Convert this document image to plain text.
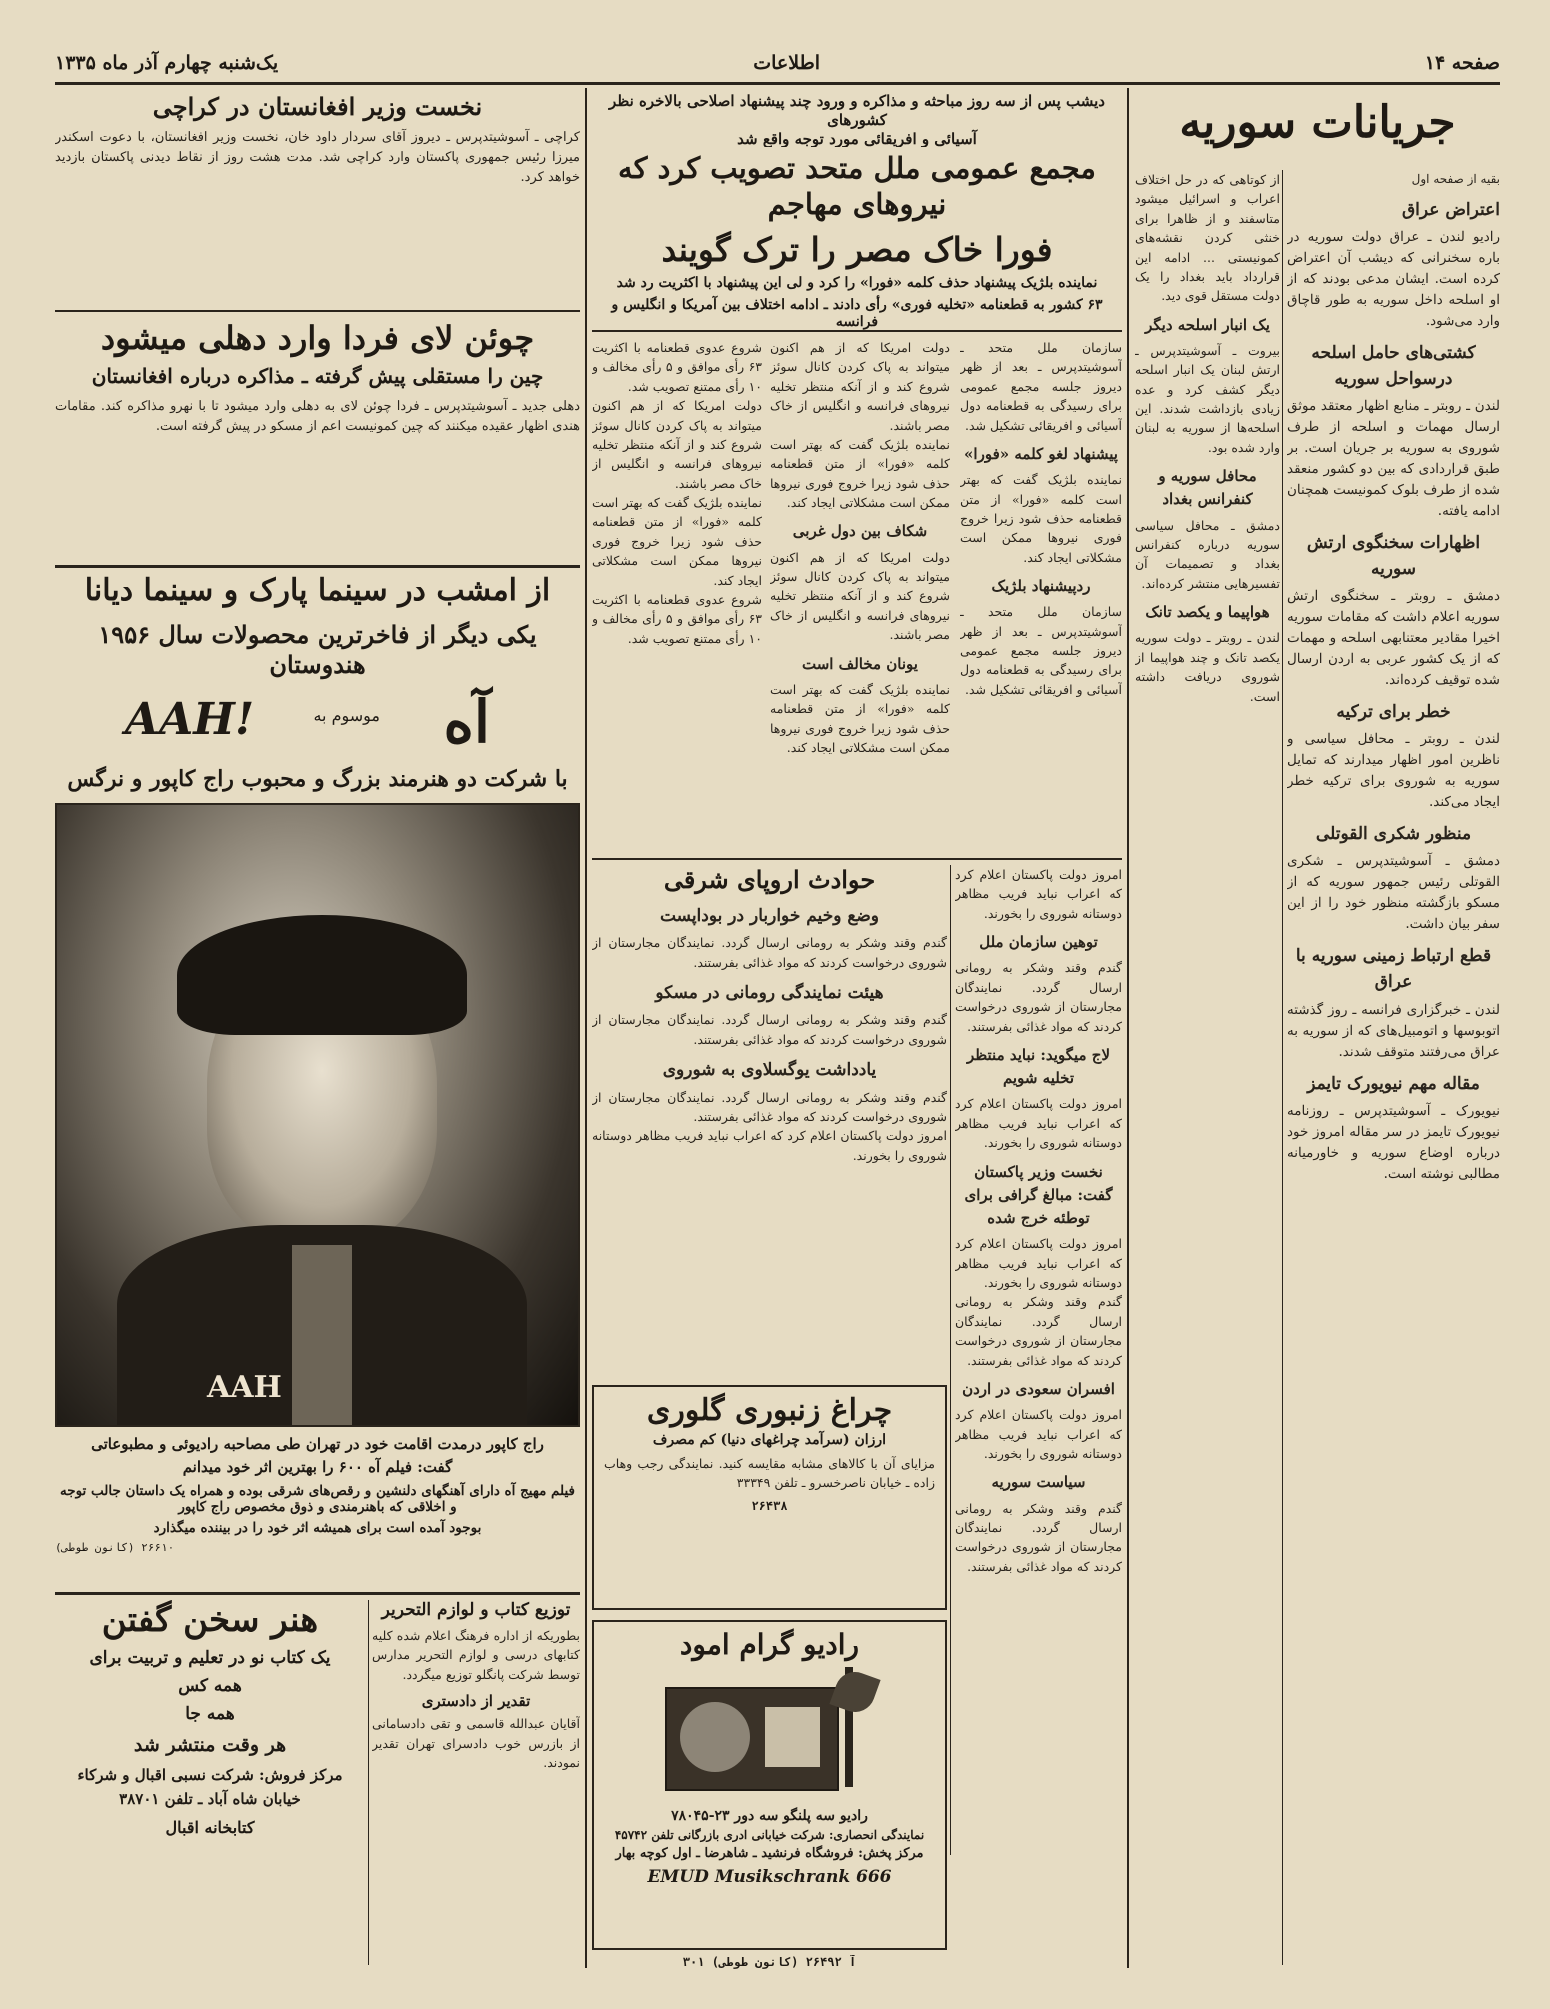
صفحه ۱۴
اطلاعات
یک‌شنبه چهارم آذر ماه ۱۳۳۵
جریانات سوریه
بقیه از صفحه اول
اعتراض عراق
رادیو لندن ـ عراق دولت سوریه در باره سخنرانی که دیشب آن اعتراض کرده است. ایشان مدعی بودند که از او اسلحه داخل سوریه به طور قاچاق وارد می‌شود.
کشتی‌های حامل اسلحه درسواحل سوریه
لندن ـ روبتر ـ منابع اظهار معتقد موثق ارسال مهمات و اسلحه از طرف شوروی به سوریه بر جریان است. بر طبق قراردادی که بین دو کشور منعقد شده از طرف بلوک کمونیست همچنان ادامه یافته.
اظهارات سخنگوی ارتش سوریه
دمشق ـ روبتر ـ سخنگوی ارتش سوریه اعلام داشت که مقامات سوریه اخیرا مقادیر معتنابهی اسلحه و مهمات که از یک کشور عربی به اردن ارسال شده توقیف کرده‌اند.
خطر برای ترکیه
لندن ـ روبتر ـ محافل سیاسی و ناظرین امور اظهار میدارند که تمایل سوریه به شوروی برای ترکیه خطر ایجاد می‌کند.
منظور شکری القوتلی
دمشق ـ آسوشیتدپرس ـ شکری القوتلی رئیس جمهور سوریه که از مسکو بازگشته منظور خود را از این سفر بیان داشت.
قطع ارتباط زمینی سوریه با عراق
لندن ـ خبرگزاری فرانسه ـ روز گذشته اتوبوسها و اتومبیل‌های که از سوریه به عراق می‌رفتند متوقف شدند.
مقاله مهم نیویورک تایمز
نیویورک ـ آسوشیتدپرس ـ روزنامه نیویورک تایمز در سر مقاله امروز خود درباره اوضاع سوریه و خاورمیانه مطالبی نوشته است.
از کوتاهی که در حل اختلاف اعراب و اسرائیل میشود متاسفند و از ظاهرا برای خنثی کردن نقشه‌های کمونیستی ... ادامه این قرارداد باید بغداد را یک دولت مستقل قوی دید.
یک انبار اسلحه دیگر
بیروت ـ آسوشیتدپرس ـ ارتش لبنان یک انبار اسلحه دیگر کشف کرد و عده زیادی بازداشت شدند. این اسلحه‌ها از سوریه به لبنان وارد شده بود.
محافل سوریه و کنفرانس بغداد
دمشق ـ محافل سیاسی سوریه درباره کنفرانس بغداد و تصمیمات آن تفسیرهایی منتشر کرده‌اند.
هواپیما و یکصد تانک
لندن ـ روبتر ـ دولت سوریه یکصد تانک و چند هواپیما از شوروی دریافت داشته است.
دیشب پس از سه روز مباحثه و مذاکره و ورود چند پیشنهاد اصلاحی بالاخره نظر کشورهای
آسیائی و افریقائی مورد توجه واقع شد
مجمع عمومی ملل متحد تصویب کرد که نیروهای مهاجم
فورا خاک مصر را ترک گویند
نماینده بلژیک پیشنهاد حذف کلمه «فورا» را کرد و لی این پیشنهاد با اکثریت رد شد
۶۳ کشور به قطعنامه «تخلیه فوری» رأی دادند ـ ادامه اختلاف بین آمریکا و انگلیس و فرانسه
سازمان ملل متحد ـ آسوشیتدپرس ـ بعد از ظهر دیروز جلسه مجمع عمومی برای رسیدگی به قطعنامه دول آسیائی و افریقائی تشکیل شد.
پیشنهاد لغو کلمه «فورا»
نماینده بلژیک گفت که بهتر است کلمه «فورا» از متن قطعنامه حذف شود زیرا خروج فوری نیروها ممکن است مشکلاتی ایجاد کند.
ردپیشنهاد بلژیک
سازمان ملل متحد ـ آسوشیتدپرس ـ بعد از ظهر دیروز جلسه مجمع عمومی برای رسیدگی به قطعنامه دول آسیائی و افریقائی تشکیل شد.
دولت امریکا که از هم اکنون میتواند به پاک کردن کانال سوئز شروع کند و از آنکه منتظر تخلیه نیروهای فرانسه و انگلیس از خاک مصر باشند.
نماینده بلژیک گفت که بهتر است کلمه «فورا» از متن قطعنامه حذف شود زیرا خروج فوری نیروها ممکن است مشکلاتی ایجاد کند.
شکاف بین دول غربی
دولت امریکا که از هم اکنون میتواند به پاک کردن کانال سوئز شروع کند و از آنکه منتظر تخلیه نیروهای فرانسه و انگلیس از خاک مصر باشند.
یونان مخالف است
نماینده بلژیک گفت که بهتر است کلمه «فورا» از متن قطعنامه حذف شود زیرا خروج فوری نیروها ممکن است مشکلاتی ایجاد کند.
شروع عدوی قطعنامه با اکثریت ۶۳ رأی موافق و ۵ رأی مخالف و ۱۰ رأی ممتنع تصویب شد.
دولت امریکا که از هم اکنون میتواند به پاک کردن کانال سوئز شروع کند و از آنکه منتظر تخلیه نیروهای فرانسه و انگلیس از خاک مصر باشند.
نماینده بلژیک گفت که بهتر است کلمه «فورا» از متن قطعنامه حذف شود زیرا خروج فوری نیروها ممکن است مشکلاتی ایجاد کند.
شروع عدوی قطعنامه با اکثریت ۶۳ رأی موافق و ۵ رأی مخالف و ۱۰ رأی ممتنع تصویب شد.
حوادث اروپای شرقی
وضع وخیم خواربار در بوداپست
گندم وقند وشکر به رومانی ارسال گردد. نمایندگان مجارستان از شوروی درخواست کردند که مواد غذائی بفرستند.
هیئت نمایندگی رومانی در مسکو
گندم وقند وشکر به رومانی ارسال گردد. نمایندگان مجارستان از شوروی درخواست کردند که مواد غذائی بفرستند.
یادداشت یوگسلاوی به شوروی
گندم وقند وشکر به رومانی ارسال گردد. نمایندگان مجارستان از شوروی درخواست کردند که مواد غذائی بفرستند.
امروز دولت پاکستان اعلام کرد که اعراب نباید فریب مظاهر دوستانه شوروی را بخورند.
امروز دولت پاکستان اعلام کرد که اعراب نباید فریب مظاهر دوستانه شوروی را بخورند.
توهین سازمان ملل
گندم وقند وشکر به رومانی ارسال گردد. نمایندگان مجارستان از شوروی درخواست کردند که مواد غذائی بفرستند.
لاج میگوید: نباید منتظر تخلیه شویم
امروز دولت پاکستان اعلام کرد که اعراب نباید فریب مظاهر دوستانه شوروی را بخورند.
نخست وزیر پاکستان گفت: مبالغ گرافی برای توطئه خرج شده
امروز دولت پاکستان اعلام کرد که اعراب نباید فریب مظاهر دوستانه شوروی را بخورند.
گندم وقند وشکر به رومانی ارسال گردد. نمایندگان مجارستان از شوروی درخواست کردند که مواد غذائی بفرستند.
افسران سعودی در اردن
امروز دولت پاکستان اعلام کرد که اعراب نباید فریب مظاهر دوستانه شوروی را بخورند.
سیاست سوریه
گندم وقند وشکر به رومانی ارسال گردد. نمایندگان مجارستان از شوروی درخواست کردند که مواد غذائی بفرستند.
چراغ زنبوری گلوری
ارزان (سرآمد چراغهای دنیا) کم مصرف
مزایای آن با کالاهای مشابه مقایسه کنید. نمایندگی رجب وهاب زاده ـ خیابان ناصرخسرو ـ تلفن ۳۳۳۴۹
۲۶۴۳۸
رادیو گرام امود
رادیو سه پلنگو سه دور ۲۳-۷۸۰۴۵
نمایندگی انحصاری: شرکت خیابانی ادری بازرگانی تلفن ۴۵۷۴۲
مرکز پخش: فروشگاه فرنشید ـ شاهرضا ـ اول کوچه بهار
EMUD Musikschrank 666
آ ۲۶۴۹۲ (کانون طوطی) ۳۰۱
نخست وزیر افغانستان در کراچی
کراچی ـ آسوشیتدپرس ـ دیروز آقای سردار داود خان، نخست وزیر افغانستان، با دعوت اسکندر میرزا رئیس جمهوری پاکستان وارد کراچی شد. مدت هشت روز از نقاط دیدنی پاکستان بازدید خواهد کرد.
چوئن لای فردا وارد دهلی میشود
چین را مستقلی پیش گرفته ـ مذاکره درباره افغانستان
دهلی جدید ـ آسوشیتدپرس ـ فردا چوئن لای به دهلی وارد میشود تا با نهرو مذاکره کند. مقامات هندی اظهار عقیده میکنند که چین کمونیست اعم از مسکو در پیش گرفته است.
از امشب در سینما پارک و سینما دیانا
یکی دیگر از فاخرترین محصولات سال ۱۹۵۶ هندوستان
آه
موسوم به
AAH!
با شرکت دو هنرمند بزرگ و محبوب راج کاپور و نرگس
AAH
راج کاپور درمدت اقامت خود در تهران طی مصاحبه رادیوئی و مطبوعاتی
گفت: فیلم آه ۶۰۰ را بهترین اثر خود میدانم
فیلم مهیج آه دارای آهنگهای دلنشین و رقص‌های شرقی بوده و همراه یک داستان جالب توجه و اخلاقی که باهنرمندی و ذوق مخصوص راج کاپور
بوجود آمده است برای همیشه اثر خود را در بیننده میگذارد
۲۶۶۱۰ (کانون طوطی)
هنر سخن گفتن
یک کتاب نو در تعلیم و تربیت برای
همه کس
همه جا
هر وقت منتشر شد
مرکز فروش: شرکت نسبی اقبال و شرکاء
خیابان شاه آباد ـ تلفن ۳۸۷۰۱
کتابخانه اقبال
توزیع کتاب و لوازم التحریر
بطوریکه از اداره فرهنگ اعلام شده کلیه کتابهای درسی و لوازم التحریر مدارس توسط شرکت پانگلو توزیع میگردد.
تقدیر از دادستری
آقایان عبدالله قاسمی و تقی دادسامانی از بازرس خوب دادسرای تهران تقدیر نمودند.
